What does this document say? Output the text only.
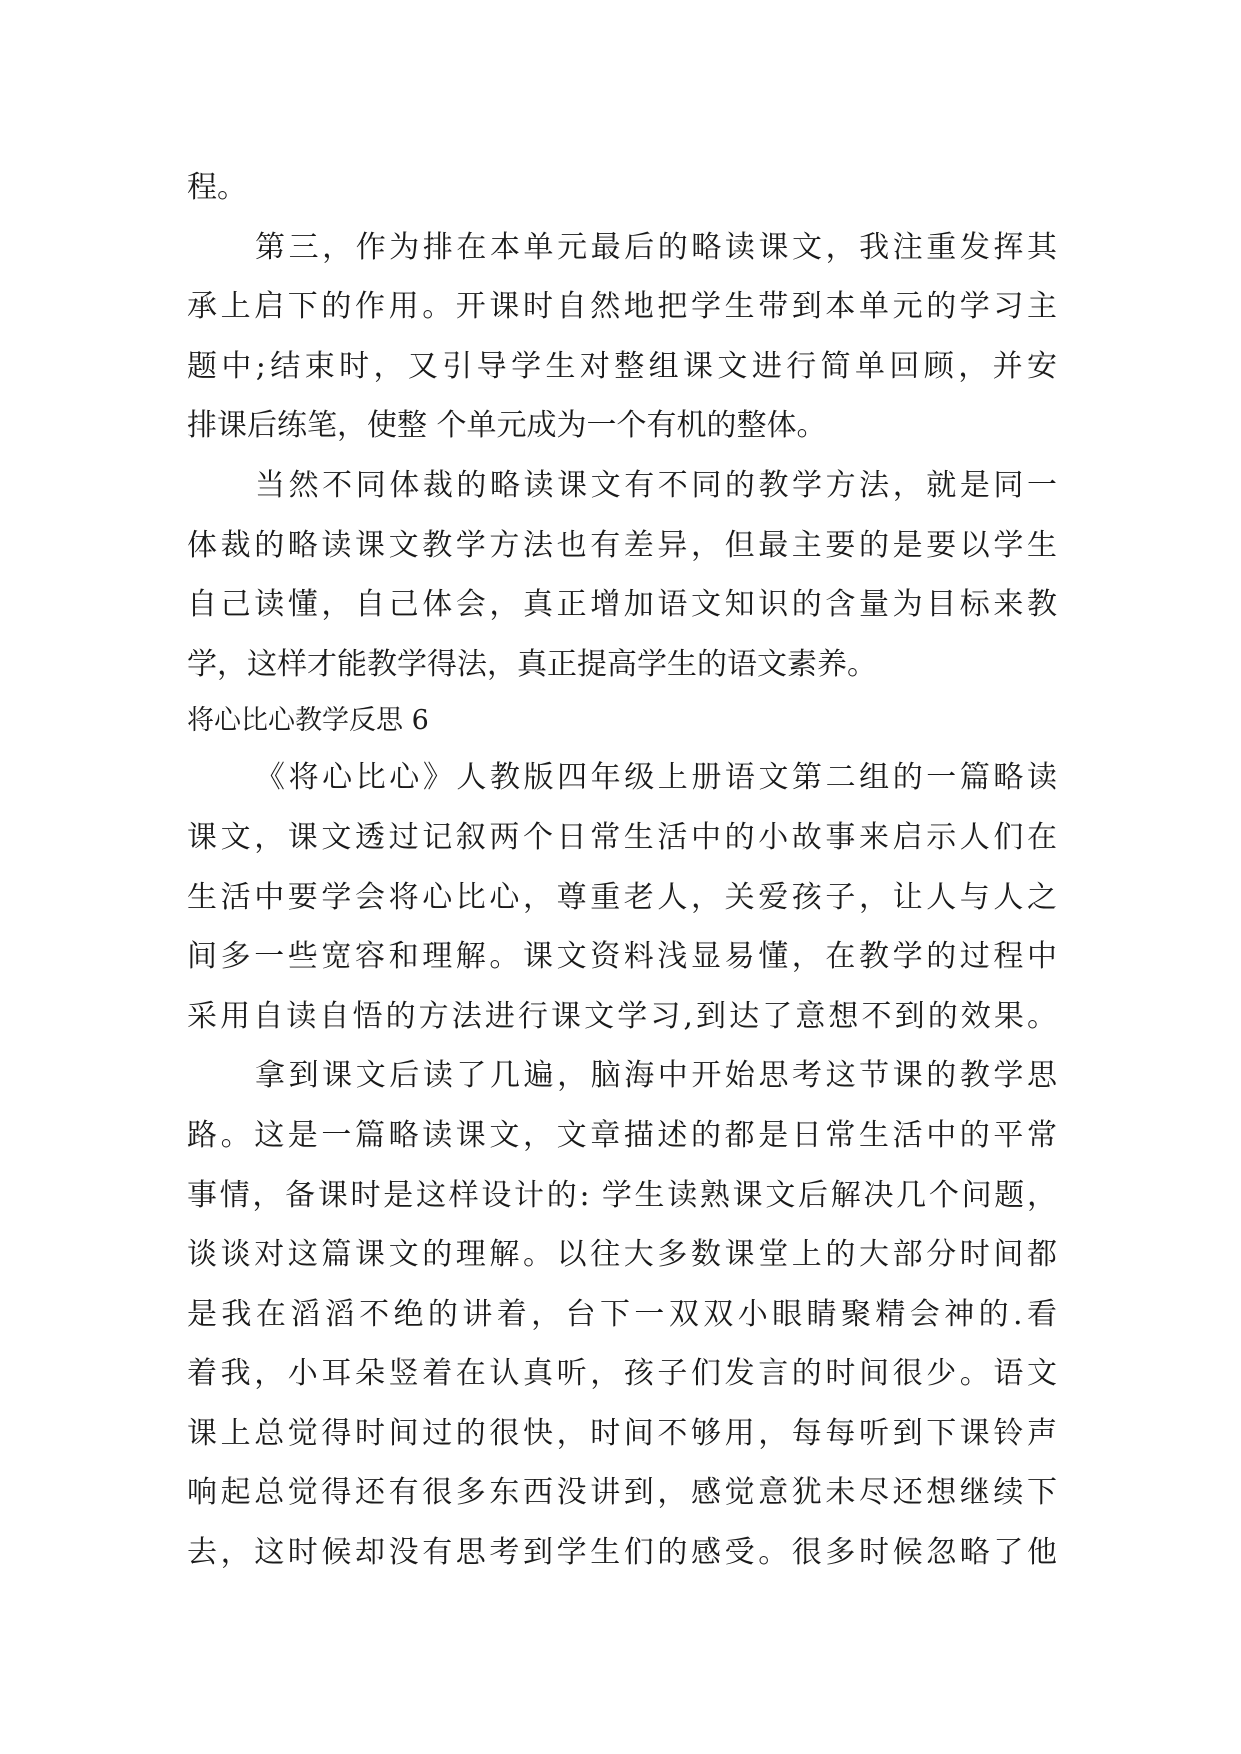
程。
第三，作为排在本单元最后的略读课文，我注重发挥其
承上启下的作用。开课时自然地把学生带到本单元的学习主
题中;结束时，又引导学生对整组课文进行简单回顾，并安
排课后练笔，使整 个单元成为一个有机的整体。
当然不同体裁的略读课文有不同的教学方法，就是同一
体裁的略读课文教学方法也有差异，但最主要的是要以学生
自己读懂，自己体会，真正增加语文知识的含量为目标来教
学，这样才能教学得法，真正提高学生的语文素养。
将心比心教学反思 6
《将心比心》人教版四年级上册语文第二组的一篇略读
课文，课文透过记叙两个日常生活中的小故事来启示人们在
生活中要学会将心比心，尊重老人，关爱孩子，让人与人之
间多一些宽容和理解。课文资料浅显易懂，在教学的过程中
采用自读自悟的方法进行课文学习,到达了意想不到的效果。
拿到课文后读了几遍，脑海中开始思考这节课的教学思
路。这是一篇略读课文，文章描述的都是日常生活中的平常
事情，备课时是这样设计的: 学生读熟课文后解决几个问题，
谈谈对这篇课文的理解。以往大多数课堂上的大部分时间都
是我在滔滔不绝的讲着，台下一双双小眼睛聚精会神的.看
着我，小耳朵竖着在认真听，孩子们发言的时间很少。语文
课上总觉得时间过的很快，时间不够用，每每听到下课铃声
响起总觉得还有很多东西没讲到，感觉意犹未尽还想继续下
去，这时候却没有思考到学生们的感受。很多时候忽略了他
